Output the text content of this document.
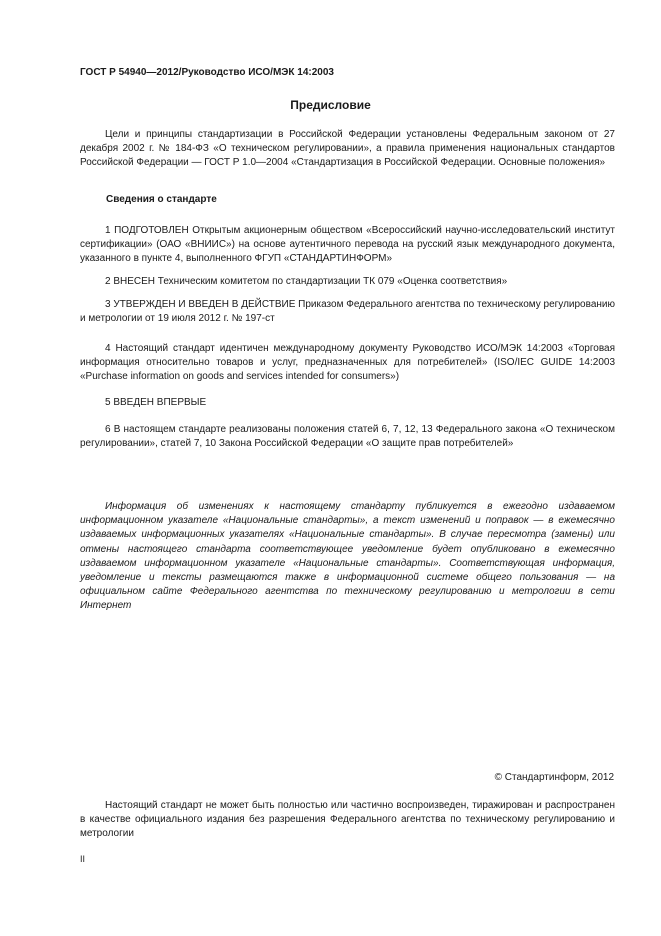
ГОСТ Р 54940—2012/Руководство ИСО/МЭК 14:2003
Предисловие

Цели и принципы стандартизации в Российской Федерации установлены Федеральным законом от 27 декабря 2002 г. № 184-ФЗ «О техническом регулировании», а правила применения национальных стандартов Российской Федерации — ГОСТ Р 1.0—2004 «Стандартизация в Российской Федерации. Основные положения»

Сведения о стандарте

1 ПОДГОТОВЛЕН Открытым акционерным обществом «Всероссийский научно-исследовательский институт сертификации» (ОАО «ВНИИС») на основе аутентичного перевода на русский язык международного документа, указанного в пункте 4, выполненного ФГУП «СТАНДАРТИНФОРМ»

2 ВНЕСЕН Техническим комитетом по стандартизации ТК 079 «Оценка соответствия»

3 УТВЕРЖДЕН И ВВЕДЕН В ДЕЙСТВИЕ Приказом Федерального агентства по техническому регулированию и метрологии от 19 июля 2012 г. № 197-ст

4 Настоящий стандарт идентичен международному документу Руководство ИСО/МЭК 14:2003 «Торговая информация относительно товаров и услуг, предназначенных для потребителей» (ISO/IEC GUIDE 14:2003 «Purchase information on goods and services intended for consumers»)

5 ВВЕДЕН ВПЕРВЫЕ

6 В настоящем стандарте реализованы положения статей 6, 7, 12, 13 Федерального закона «О техническом регулировании», статей 7, 10 Закона Российской Федерации «О защите прав потребителей»

Информация об изменениях к настоящему стандарту публикуется в ежегодно издаваемом информационном указателе «Национальные стандарты», а текст изменений и поправок — в ежемесячно издаваемых информационных указателях «Национальные стандарты». В случае пересмотра (замены) или отмены настоящего стандарта соответствующее уведомление будет опубликовано в ежемесячно издаваемом информационном указателе «Национальные стандарты». Соответствующая информация, уведомление и тексты размещаются также в информационной системе общего пользования — на официальном сайте Федерального агентства по техническому регулированию и метрологии в сети Интернет

© Стандартинформ, 2012

Настоящий стандарт не может быть полностью или частично воспроизведен, тиражирован и распространен в качестве официального издания без разрешения Федерального агентства по техническому регулированию и метрологии

II
